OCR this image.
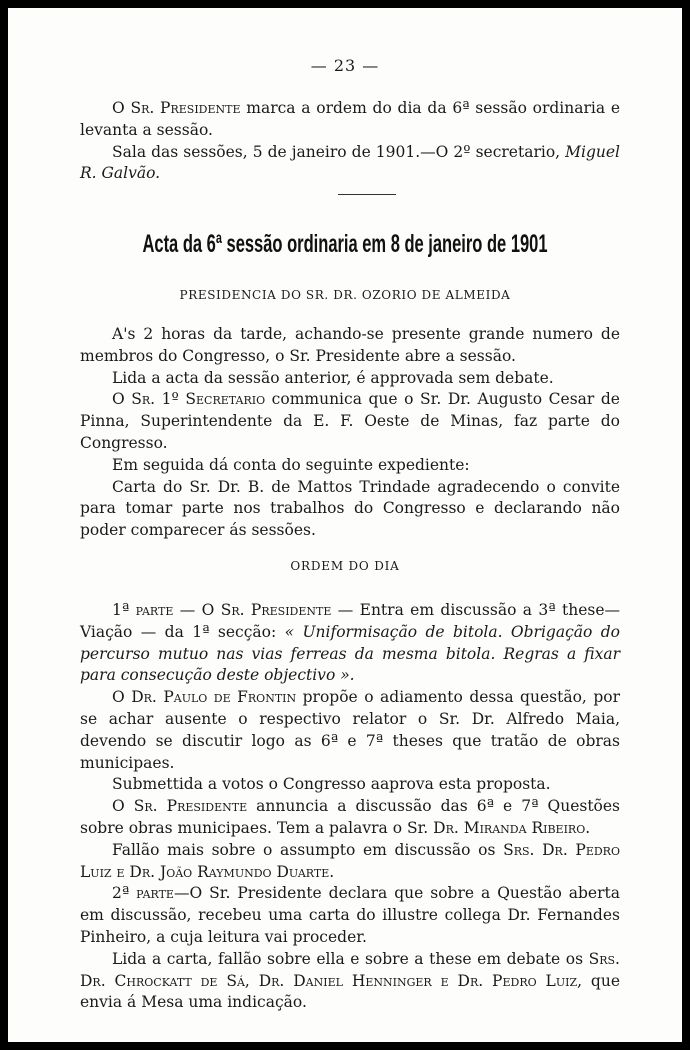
— 23 —

O Sr. Presidente marca a ordem do dia da 6ª sessão ordinaria e levanta a sessão.

Sala das sessões, 5 de janeiro de 1901.—O 2º secretario, Miguel R. Galvão.

Acta da 6ª sessão ordinaria em 8 de janeiro de 1901
PRESIDENCIA DO SR. DR. OZORIO DE ALMEIDA

A's 2 horas da tarde, achando-se presente grande numero de membros do Congresso, o Sr. Presidente abre a sessão.

Lida a acta da sessão anterior, é approvada sem debate.

O Sr. 1º Secretario communica que o Sr. Dr. Augusto Cesar de Pinna, Superintendente da E. F. Oeste de Minas, faz parte do Congresso.

Em seguida dá conta do seguinte expediente:

Carta do Sr. Dr. B. de Mattos Trindade agradecendo o convite para tomar parte nos trabalhos do Congresso e declarando não poder comparecer ás sessões.

ORDEM DO DIA

1ª parte — O Sr. Presidente — Entra em discussão a 3ª these—Viação — da 1ª secção: « Uniformisação de bitola. Obrigação do percurso mutuo nas vias ferreas da mesma bitola. Regras a fixar para consecução deste objectivo ».

O Dr. Paulo de Frontin propõe o adiamento dessa questão, por se achar ausente o respectivo relator o Sr. Dr. Alfredo Maia, devendo se discutir logo as 6ª e 7ª theses que tratão de obras municipaes.

Submettida a votos o Congresso aaprova esta proposta.

O Sr. Presidente annuncia a discussão das 6ª e 7ª Questões sobre obras municipaes. Tem a palavra o Sr. Dr. Miranda Ribeiro.

Fallão mais sobre o assumpto em discussão os Srs. Dr. Pedro Luiz e Dr. João Raymundo Duarte.

2ª parte—O Sr. Presidente declara que sobre a Questão aberta em discussão, recebeu uma carta do illustre collega Dr. Fernandes Pinheiro, a cuja leitura vai proceder.

Lida a carta, fallão sobre ella e sobre a these em debate os Srs. Dr. Chrockatt de Sá, Dr. Daniel Henninger e Dr. Pedro Luiz, que envia á Mesa uma indicação.
